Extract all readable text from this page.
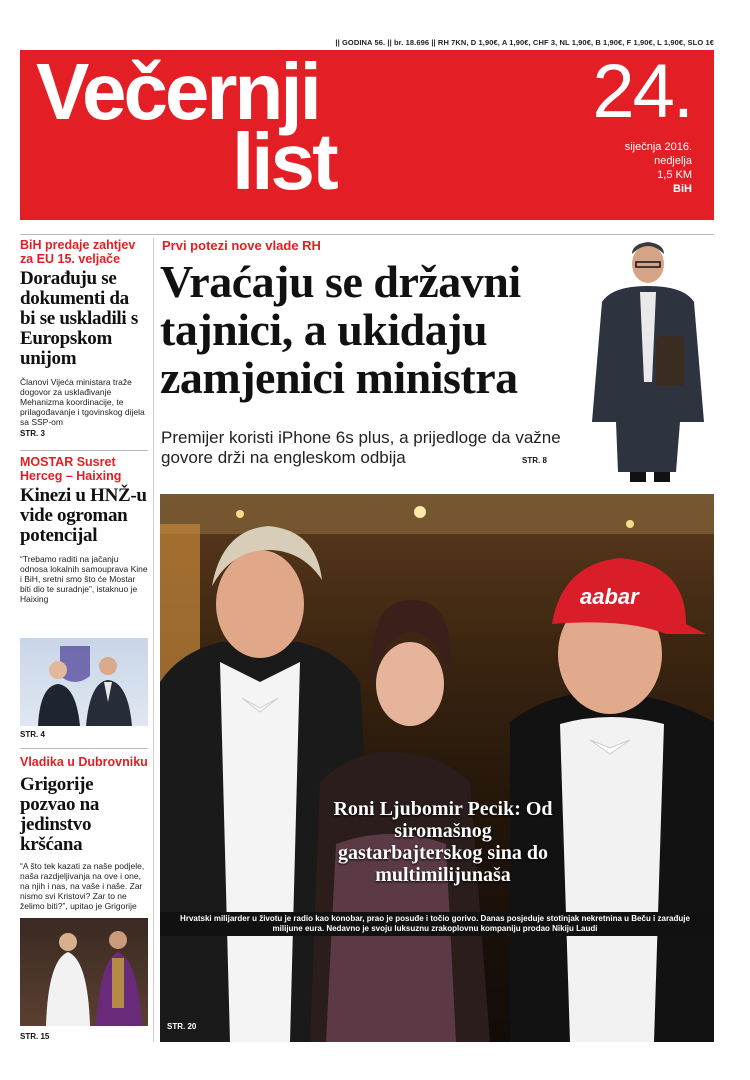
|| GODINA 56. || br. 18.696 || RH 7KN, D 1,90€, A 1,90€, CHF 3, NL 1,90€, B 1,90€, F 1,90€, L 1,90€, SLO 1€
Večernji
list
24.
siječnja 2016.
nedjelja
1,5 KM
BiH
BiH predaje zahtjev za EU 15. veljače
Dorađuju se dokumenti da bi se uskladili s Europskom unijom
Članovi Vijeća ministara traže dogovor za usklađivanje Mehanizma koordinacije, te prilagođavanje i tgovinskog dijela sa SSP-om
STR. 3
MOSTAR Susret Herceg – Haixing
Kinezi u HNŽ-u vide ogroman potencijal
“Trebamo raditi na jačanju odnosa lokalnih samouprava Kine i BiH, sretni smo što će Mostar biti dio te suradnje”, istaknuo je Haixing
STR. 4
Vladika u Dubrovniku
Grigorije pozvao na jedinstvo kršćana
“A što tek kazati za naše podjele, naša razdjeljivanja na ove i one, na njih i nas, na vaše i naše. Zar nismo svi Kristovi? Zar to ne želimo biti?”, upitao je Grigorije
STR. 15
Prvi potezi nove vlade RH
Vraćaju se državni tajnici, a ukidaju zamjenici ministra
Premijer koristi iPhone 6s plus, a prijedloge da važne govore drži na engleskom odbija	STR. 8
aabar
Roni Ljubomir Pecik: Od siromašnog gastarbajterskog sina do multimilijunaša
Hrvatski milijarder u životu je radio kao konobar, prao je posuđe i točio gorivo. Danas posjeduje stotinjak nekretnina u Beču i zarađuje milijune eura. Nedavno je svoju luksuznu zrakoplovnu kompaniju prodao Nikiju Laudi
STR. 20
